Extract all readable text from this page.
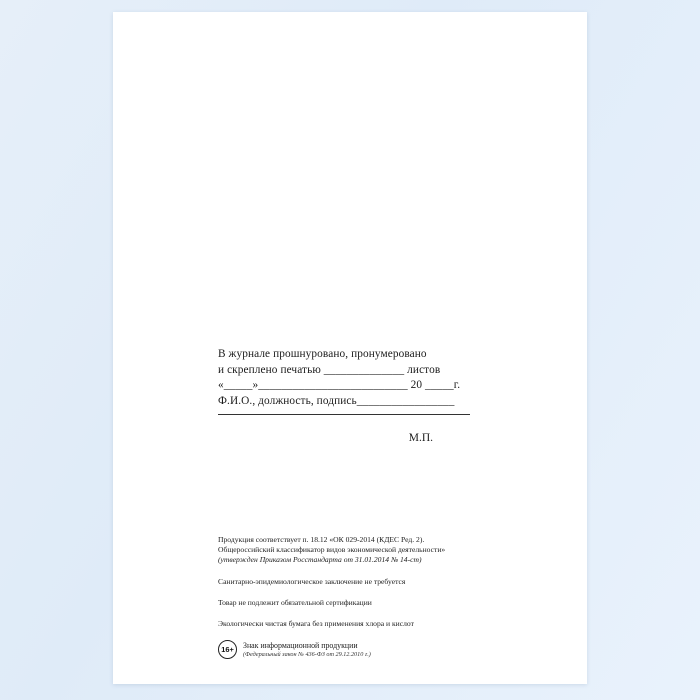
В журнале прошнуровано, пронумеровано
и скреплено печатью ______________ листов
«_____»__________________________ 20 _____г.
Ф.И.О., должность, подпись_________________
М.П.
Продукция соответствует п. 18.12 «ОК 029-2014 (КДЕС Ред. 2).
Общероссийский классификатор видов экономической деятельности»
(утвержден Приказом Росстандарта от 31.01.2014 № 14-ст)
Санитарно-эпидемиологическое заключение не требуется
Товар не подлежит обязательной сертификации
Экологически чистая бумага без применения хлора и кислот
16+
Знак информационной продукции
(Федеральный закон № 436-ФЗ от 29.12.2010 г.)
